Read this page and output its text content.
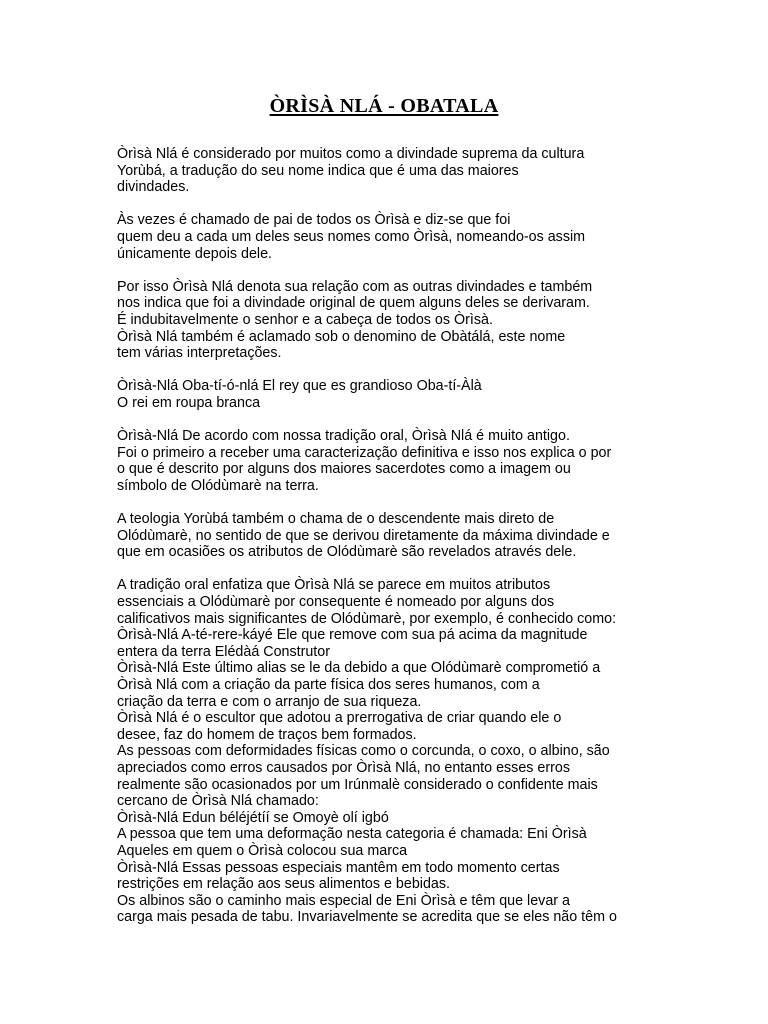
ÒRÌSÀ NLÁ - OBATALA
Òrìsà Nlá é considerado por muitos como a divindade suprema da cultura
Yorùbá, a tradução do seu nome indica que é uma das maiores
divindades.
Às vezes é chamado de pai de todos os Òrìsà e diz-se que foi
quem deu a cada um deles seus nomes como Òrìsà, nomeando-os assim
únicamente depois dele.
Por isso Òrìsà Nlá denota sua relação com as outras divindades e também
nos indica que foi a divindade original de quem alguns deles se derivaram.
É indubitavelmente o senhor e a cabeça de todos os Òrìsà.
Òrìsà Nlá também é aclamado sob o denomino de Obàtálá, este nome
tem várias interpretações.
Òrìsà-Nlá Oba-tí-ó-nlá El rey que es grandioso Oba-tí-Àlà
O rei em roupa branca
Òrìsà-Nlá De acordo com nossa tradição oral, Òrìsà Nlá é muito antigo.
Foi o primeiro a receber uma caracterização definitiva e isso nos explica o por
o que é descrito por alguns dos maiores sacerdotes como a imagem ou
símbolo de Olódùmarè na terra.
A teologia Yorùbá também o chama de o descendente mais direto de
Olódùmarè, no sentido de que se derivou diretamente da máxima divindade e
que em ocasiões os atributos de Olódùmarè são revelados através dele.
A tradição oral enfatiza que Òrìsà Nlá se parece em muitos atributos
essenciais a Olódùmarè por consequente é nomeado por alguns dos
calificativos mais significantes de Olódùmarè, por exemplo, é conhecido como:
Òrìsà-Nlá A-té-rere-káyé Ele que remove com sua pá acima da magnitude
entera da terra Elédàá Construtor
Òrìsà-Nlá Este último alias se le da debido a que Olódùmarè comprometió a
Òrìsà Nlá com a criação da parte física dos seres humanos, com a
criação da terra e com o arranjo de sua riqueza.
Òrìsà Nlá é o escultor que adotou a prerrogativa de criar quando ele o
desee, faz do homem de traços bem formados.
As pessoas com deformidades físicas como o corcunda, o coxo, o albino, são
apreciados como erros causados por Òrìsà Nlá, no entanto esses erros
realmente são ocasionados por um Irúnmalè considerado o confidente mais
cercano de Òrìsà Nlá chamado:
Òrìsà-Nlá Edun béléjétíí se Omoyè olí igbó
A pessoa que tem uma deformação nesta categoria é chamada: Eni Òrìsà
Aqueles em quem o Òrìsà colocou sua marca
Òrìsà-Nlá Essas pessoas especiais mantêm em todo momento certas
restrições em relação aos seus alimentos e bebidas.
Os albinos são o caminho mais especial de Eni Òrìsà e têm que levar a
carga mais pesada de tabu. Invariavelmente se acredita que se eles não têm o
